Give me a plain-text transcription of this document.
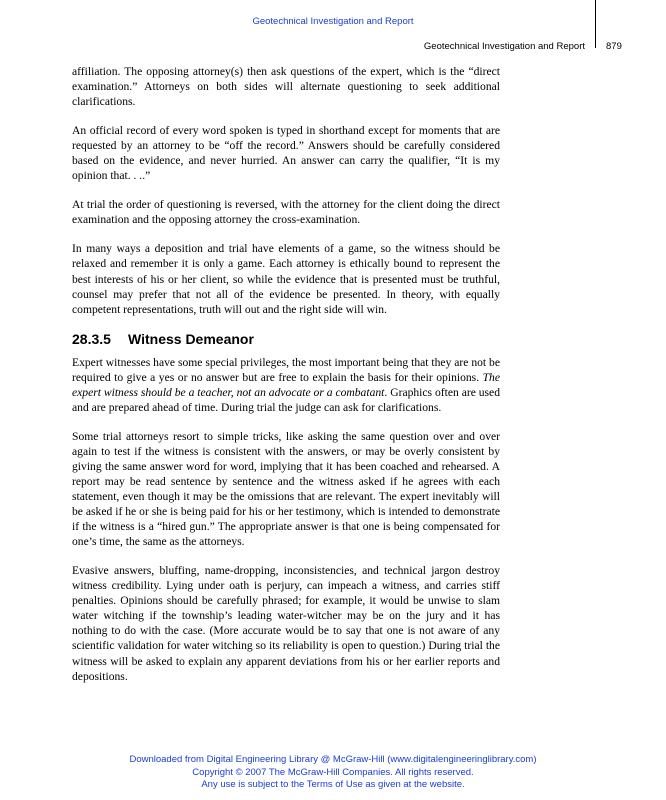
Geotechnical Investigation and Report
Geotechnical Investigation and Report 879

affiliation. The opposing attorney(s) then ask questions of the expert, which is the “direct examination.” Attorneys on both sides will alternate questioning to seek additional clarifications.

An official record of every word spoken is typed in shorthand except for moments that are requested by an attorney to be “off the record.” Answers should be carefully considered based on the evidence, and never hurried. An answer can carry the qualifier, “It is my opinion that. . ..”

At trial the order of questioning is reversed, with the attorney for the client doing the direct examination and the opposing attorney the cross-examination.

In many ways a deposition and trial have elements of a game, so the witness should be relaxed and remember it is only a game. Each attorney is ethically bound to represent the best interests of his or her client, so while the evidence that is presented must be truthful, counsel may prefer that not all of the evidence be presented. In theory, with equally competent representations, truth will out and the right side will win.

28.3.5 Witness Demeanor

Expert witnesses have some special privileges, the most important being that they are not be required to give a yes or no answer but are free to explain the basis for their opinions. The expert witness should be a teacher, not an advocate or a combatant. Graphics often are used and are prepared ahead of time. During trial the judge can ask for clarifications.

Some trial attorneys resort to simple tricks, like asking the same question over and over again to test if the witness is consistent with the answers, or may be overly consistent by giving the same answer word for word, implying that it has been coached and rehearsed. A report may be read sentence by sentence and the witness asked if he agrees with each statement, even though it may be the omissions that are relevant. The expert inevitably will be asked if he or she is being paid for his or her testimony, which is intended to demonstrate if the witness is a “hired gun.” The appropriate answer is that one is being compensated for one’s time, the same as the attorneys.

Evasive answers, bluffing, name-dropping, inconsistencies, and technical jargon destroy witness credibility. Lying under oath is perjury, can impeach a witness, and carries stiff penalties. Opinions should be carefully phrased; for example, it would be unwise to slam water witching if the township’s leading water-witcher may be on the jury and it has nothing to do with the case. (More accurate would be to say that one is not aware of any scientific validation for water witching so its reliability is open to question.) During trial the witness will be asked to explain any apparent deviations from his or her earlier reports and depositions.

Downloaded from Digital Engineering Library @ McGraw-Hill (www.digitalengineeringlibrary.com)
Copyright © 2007 The McGraw-Hill Companies. All rights reserved.
Any use is subject to the Terms of Use as given at the website.
